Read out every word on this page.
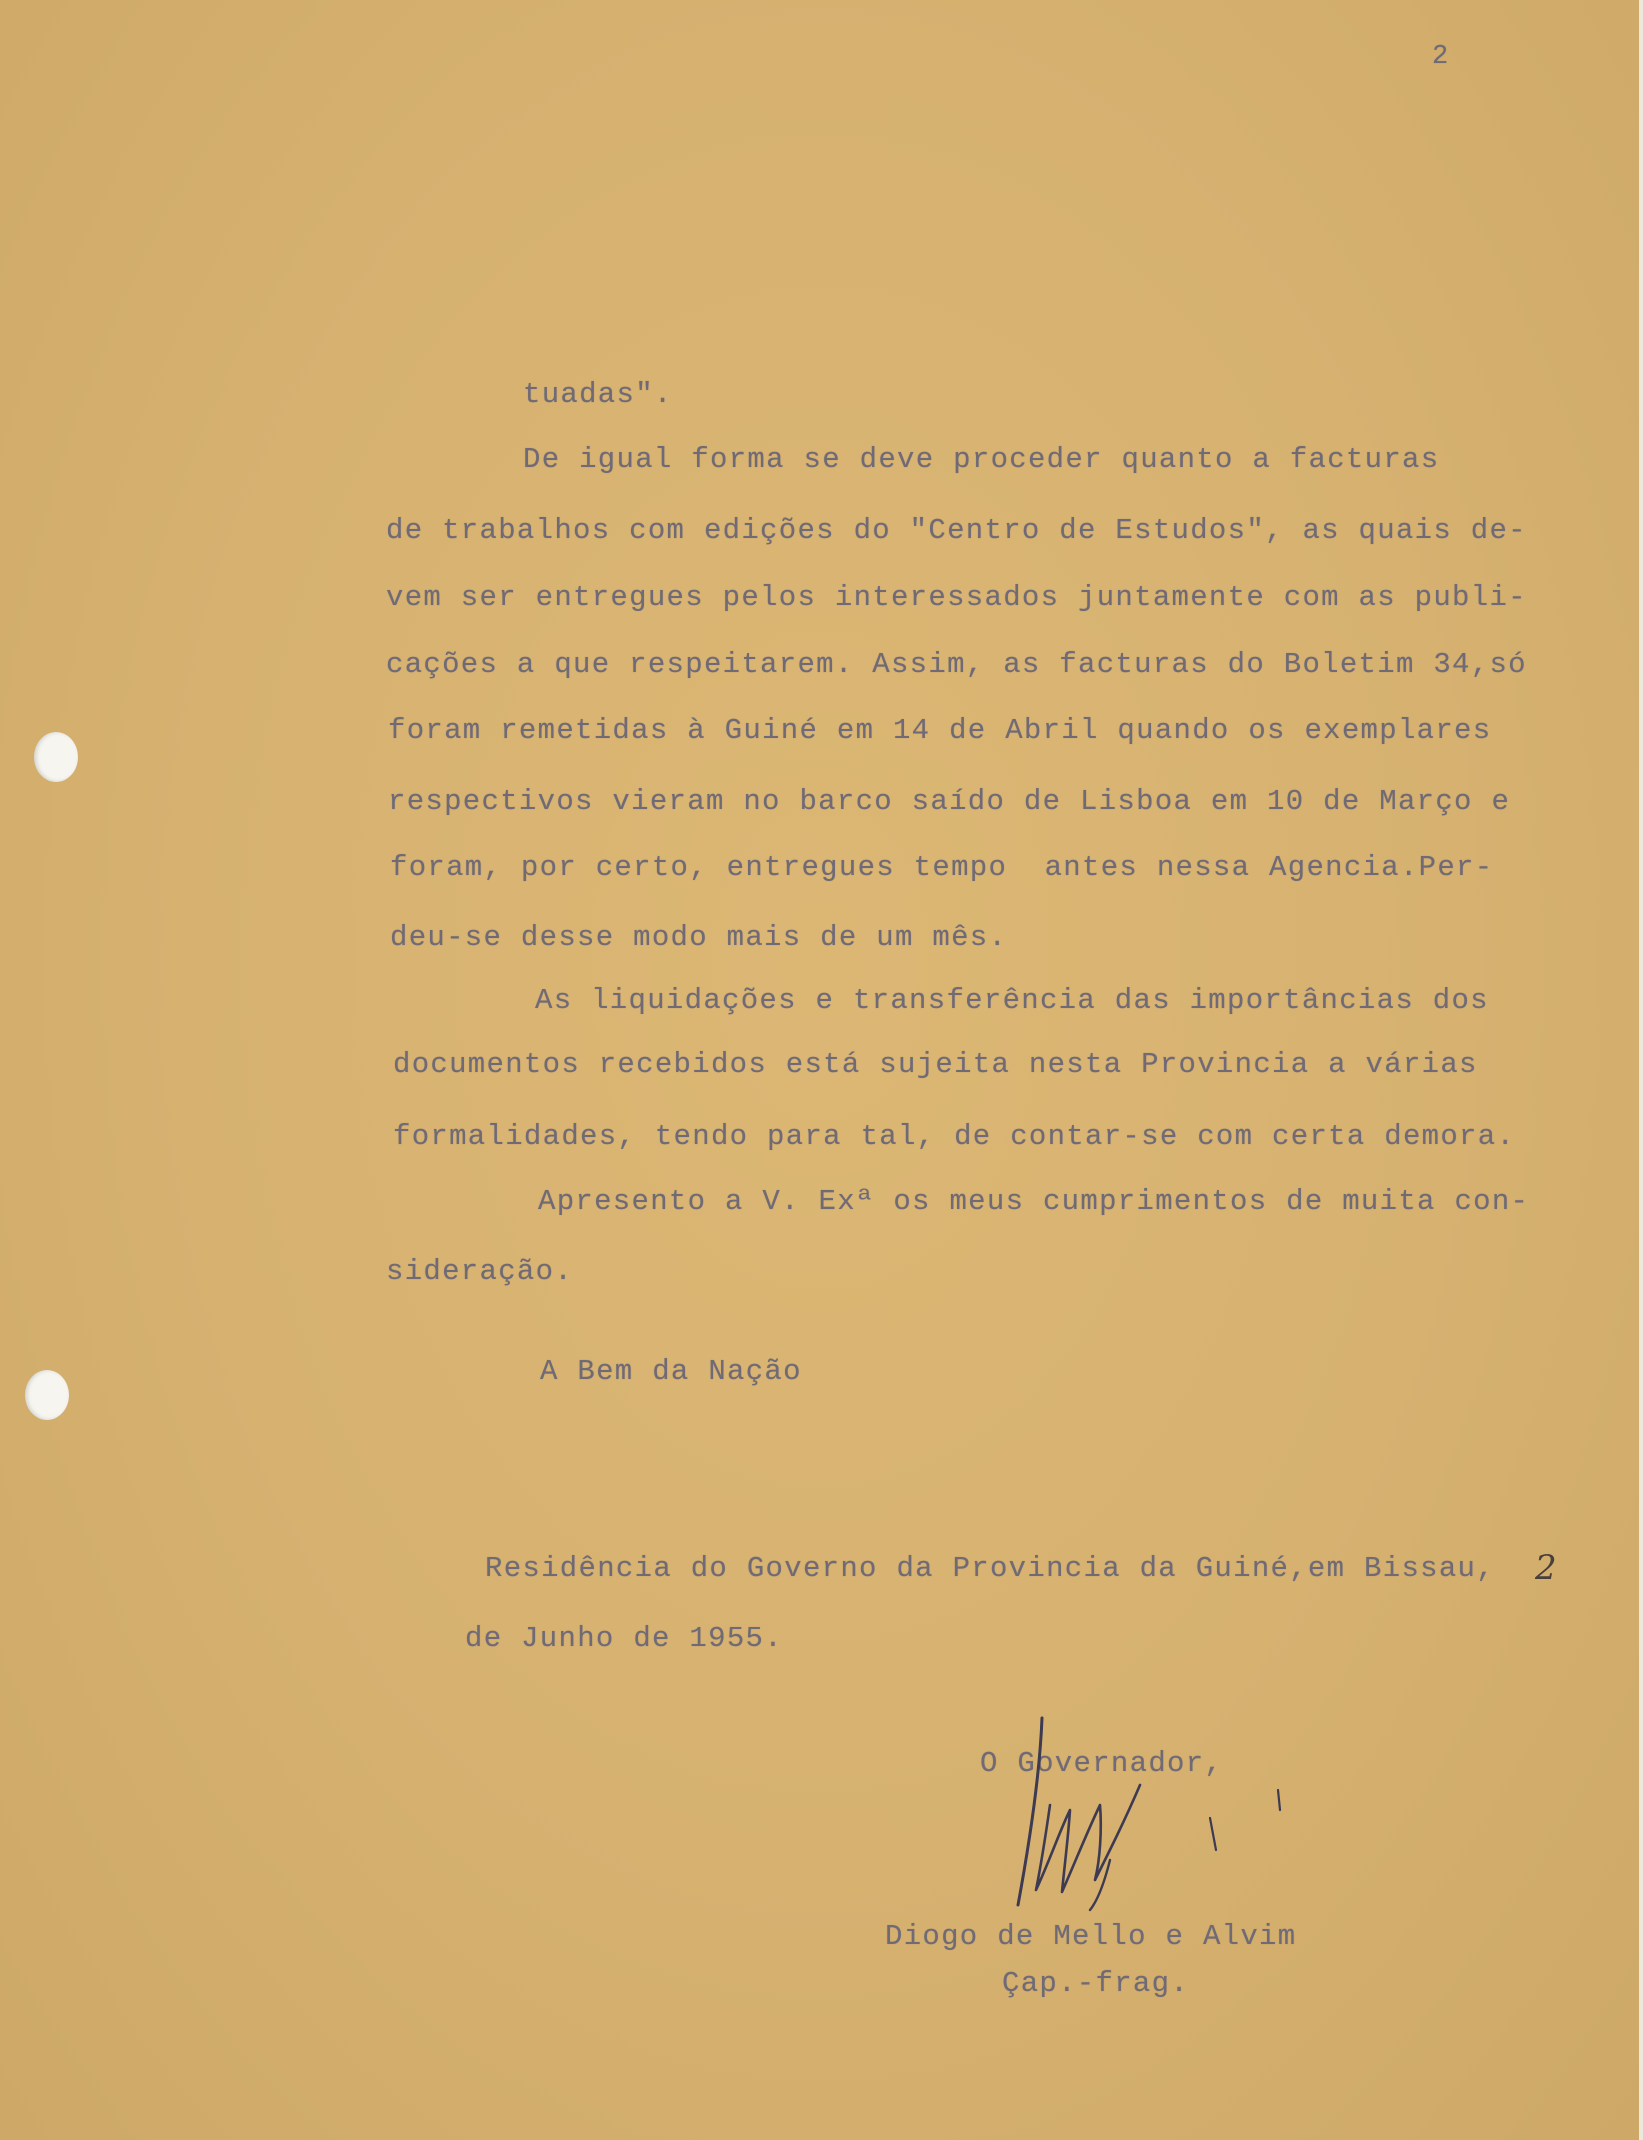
2

tuadas".

De igual forma se deve proceder quanto a facturas

de trabalhos com edições do "Centro de Estudos", as quais de-

vem ser entregues pelos interessados juntamente com as publi-

cações a que respeitarem. Assim, as facturas do Boletim 34,só

foram remetidas à Guiné em 14 de Abril quando os exemplares

respectivos vieram no barco saído de Lisboa em 10 de Março e

foram, por certo, entregues tempo  antes nessa Agencia.Per-

deu-se desse modo mais de um mês.

As liquidações e transferência das importâncias dos

documentos recebidos está sujeita nesta Provincia a várias

formalidades, tendo para tal, de contar-se com certa demora.

Apresento a V. Exª os meus cumprimentos de muita con-

sideração.

A Bem da Nação

Residência do Governo da Provincia da Guiné,em Bissau, 2

de Junho de 1955.

O Governador,

Diogo de Mello e Alvim

Çap.-frag.
